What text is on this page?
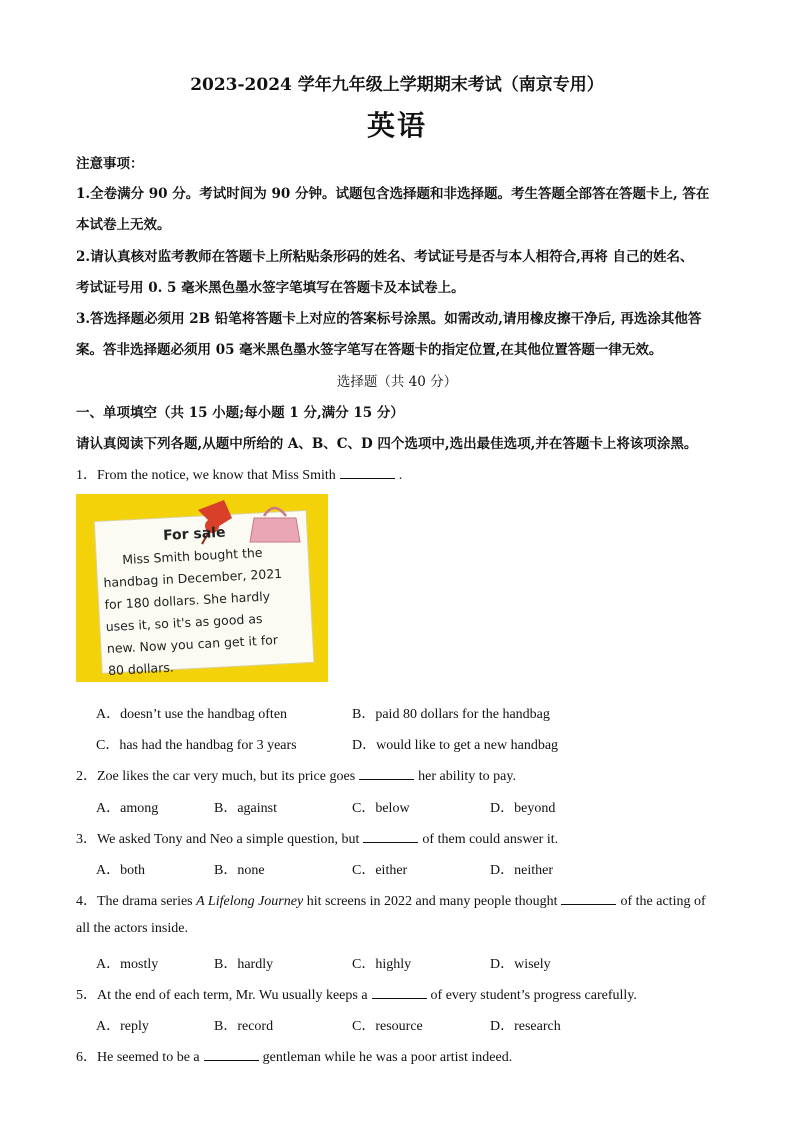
2023-2024 学年九年级上学期期末考试（南京专用）
英语
注意事项：
1.全卷满分 90 分。考试时间为 90 分钟。试题包含选择题和非选择题。考生答题全部答在答题卡上, 答在
本试卷上无效。
2.请认真核对监考教师在答题卡上所粘贴条形码的姓名、考试证号是否与本人相符合,再将 自己的姓名、
考试证号用 0. 5 毫米黑色墨水签字笔填写在答题卡及本试卷上。
3.答选择题必须用 2B 铅笔将答题卡上对应的答案标号涂黑。如需改动,请用橡皮擦干净后, 再选涂其他答
案。答非选择题必须用 05 毫米黑色墨水签字笔写在答题卡的指定位置,在其他位置答题一律无效。
选择题（共 40 分）
一、单项填空（共 15 小题;每小题 1 分,满分 15 分）
请认真阅读下列各题,从题中所给的 A、B、C、D 四个选项中,选出最佳选项,并在答题卡上将该项涂黑。
1．From the notice, we know that Miss Smith	.
For sale
Miss Smith bought the
handbag in December, 2021
for 180 dollars. She hardly
uses it, so it's as good as
new. Now you can get it for
80 dollars.
A．doesn’t use the handbag often	B．paid 80 dollars for the handbag
C．has had the handbag for 3 years	D．would like to get a new handbag
2．Zoe likes the car very much, but its price goes	her ability to pay.
A．among	B．against	C．below	D．beyond
3．We asked Tony and Neo a simple question, but	of them could answer it.
A．both	B．none	C．either	D．neither
4．The drama series A Lifelong Journey hit screens in 2022 and many people thought	of the acting of
all the actors inside.
A．mostly	B．hardly	C．highly	D．wisely
5．At the end of each term, Mr. Wu usually keeps a	of every student’s progress carefully.
A．reply	B．record	C．resource	D．research
6．He seemed to be a	gentleman while he was a poor artist indeed.
